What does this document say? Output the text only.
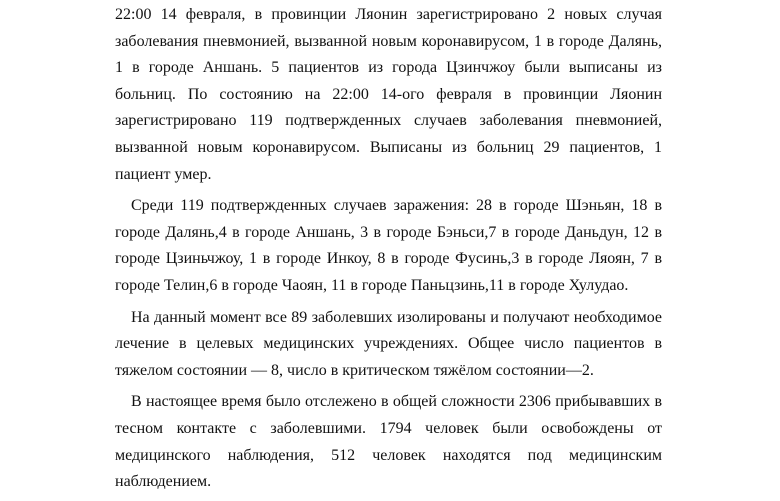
22:00 14 февраля, в провинции Ляонин зарегистрировано 2 новых случая заболевания пневмонией, вызванной новым коронавирусом, 1 в городе Далянь, 1 в городе Аншань. 5 пациентов из города Цзинчжоу были выписаны из больниц. По состоянию на 22:00 14-ого февраля в провинции Ляонин зарегистрировано 119 подтвержденных случаев заболевания пневмонией, вызванной новым коронавирусом. Выписаны из больниц 29 пациентов, 1 пациент умер.

Среди 119 подтвержденных случаев заражения: 28 в городе Шэньян, 18 в городе Далянь,4 в городе Аншань, 3 в городе Бэньси,7 в городе Даньдун, 12 в городе Цзиньчжоу, 1 в городе Инкоу, 8 в городе Фусинь,3 в городе Ляоян, 7 в городе Телин,6 в городе Чаоян, 11 в городе Паньцзинь,11 в городе Хулудао.

На данный момент все 89 заболевших изолированы и получают необходимое лечение в целевых медицинских учреждениях. Общее число пациентов в тяжелом состоянии — 8, число в критическом тяжёлом состоянии—2.

В настоящее время было отслежено в общей сложности 2306 прибывавших в тесном контакте с заболевшими. 1794 человек были освобождены от медицинского наблюдения, 512 человек находятся под медицинским наблюдением.
